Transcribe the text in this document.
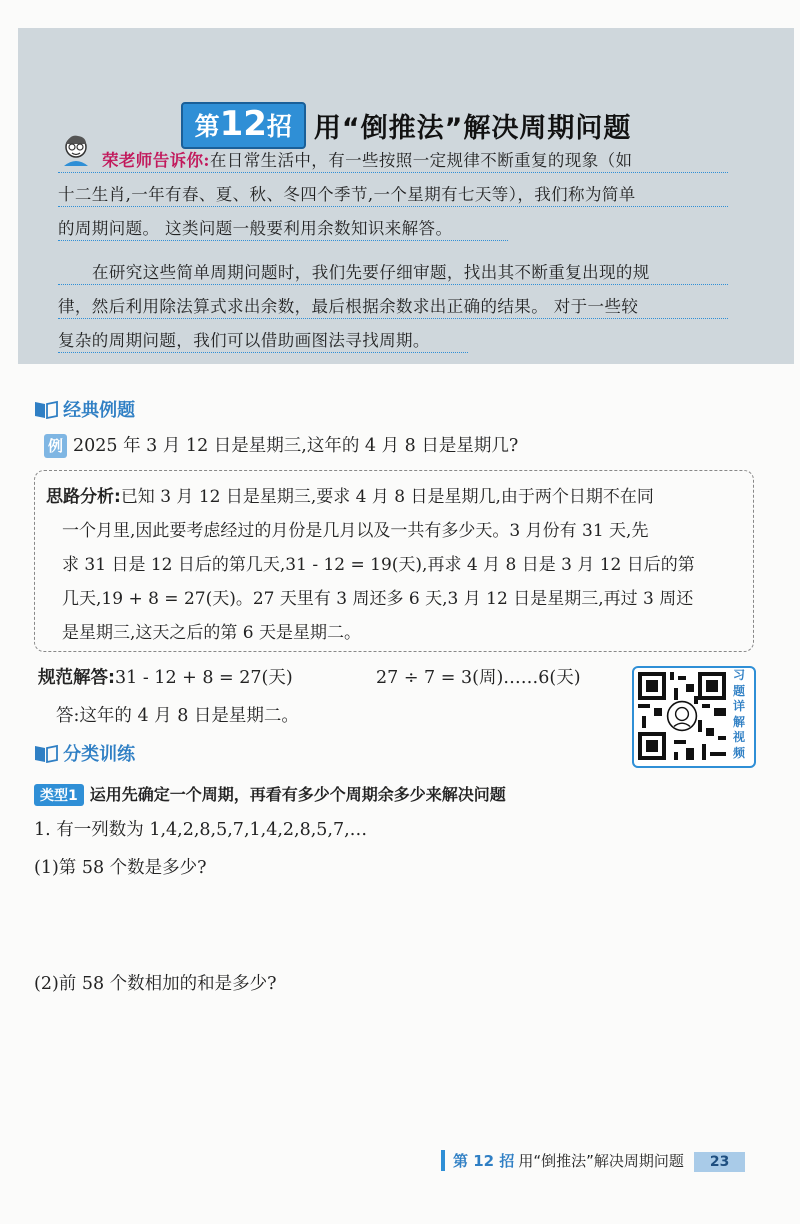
第12招 用“倒推法”解决周期问题
荣老师告诉你:在日常生活中，有一些按照一定规律不断重复的现象（如
十二生肖,一年有春、夏、秋、冬四个季节,一个星期有七天等），我们称为简单
的周期问题。 这类问题一般要利用余数知识来解答。
在研究这些简单周期问题时，我们先要仔细审题，找出其不断重复出现的规
律，然后利用除法算式求出余数，最后根据余数求出正确的结果。 对于一些较
复杂的周期问题，我们可以借助画图法寻找周期。
经典例题
例 2025 年 3 月 12 日是星期三,这年的 4 月 8 日是星期几?
思路分析:已知 3 月 12 日是星期三,要求 4 月 8 日是星期几,由于两个日期不在同
一个月里,因此要考虑经过的月份是几月以及一共有多少天。3 月份有 31 天,先
求 31 日是 12 日后的第几天,31 - 12 = 19(天),再求 4 月 8 日是 3 月 12 日后的第
几天,19 + 8 = 27(天)。27 天里有 3 周还多 6 天,3 月 12 日是星期三,再过 3 周还
是星期三,这天之后的第 6 天是星期二。
规范解答:31 - 12 + 8 = 27(天)	27 ÷ 7 = 3(周)……6(天)
答:这年的 4 月 8 日是星期二。
习
题
详
解
视
频
分类训练
类型1 运用先确定一个周期，再看有多少个周期余多少来解决问题
1. 有一列数为 1,4,2,8,5,7,1,4,2,8,5,7,…
(1)第 58 个数是多少?
(2)前 58 个数相加的和是多少?
第 12 招 用“倒推法”解决周期问题 23
